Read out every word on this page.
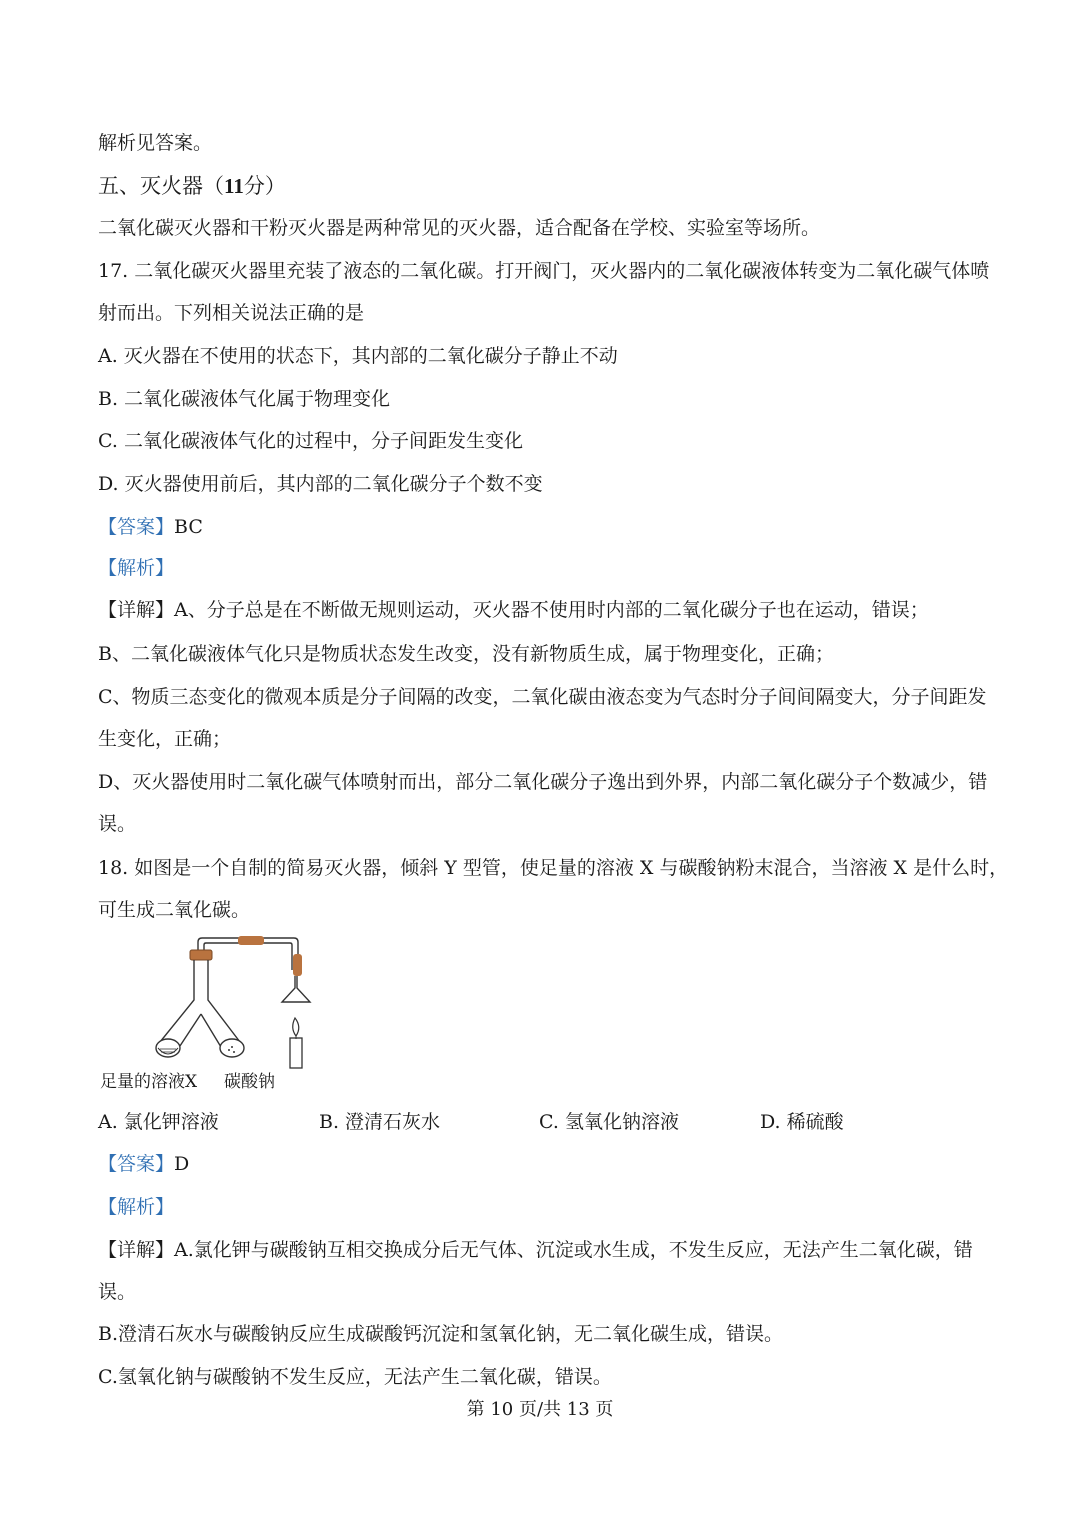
解析见答案。
五、灭火器（11分）
二氧化碳灭火器和干粉灭火器是两种常见的灭火器，适合配备在学校、实验室等场所。
17. 二氧化碳灭火器里充装了液态的二氧化碳。打开阀门，灭火器内的二氧化碳液体转变为二氧化碳气体喷
射而出。下列相关说法正确的是
A. 灭火器在不使用的状态下，其内部的二氧化碳分子静止不动
B. 二氧化碳液体气化属于物理变化
C. 二氧化碳液体气化的过程中，分子间距发生变化
D. 灭火器使用前后，其内部的二氧化碳分子个数不变
【答案】BC
【解析】
【详解】A、分子总是在不断做无规则运动，灭火器不使用时内部的二氧化碳分子也在运动，错误；
B、二氧化碳液体气化只是物质状态发生改变，没有新物质生成，属于物理变化，正确；
C、物质三态变化的微观本质是分子间隔的改变，二氧化碳由液态变为气态时分子间间隔变大，分子间距发
生变化，正确；
D、灭火器使用时二氧化碳气体喷射而出，部分二氧化碳分子逸出到外界，内部二氧化碳分子个数减少，错
误。
18. 如图是一个自制的简易灭火器，倾斜 Y 型管，使足量的溶液 X 与碳酸钠粉末混合，当溶液 X 是什么时，
可生成二氧化碳。
足量的溶液X 碳酸钠
A. 氯化钾溶液	B. 澄清石灰水	C. 氢氧化钠溶液	D. 稀硫酸
【答案】D
【解析】
【详解】A.氯化钾与碳酸钠互相交换成分后无气体、沉淀或水生成，不发生反应，无法产生二氧化碳，错
误。
B.澄清石灰水与碳酸钠反应生成碳酸钙沉淀和氢氧化钠，无二氧化碳生成，错误。
C.氢氧化钠与碳酸钠不发生反应，无法产生二氧化碳，错误。
第 10 页/共 13 页
